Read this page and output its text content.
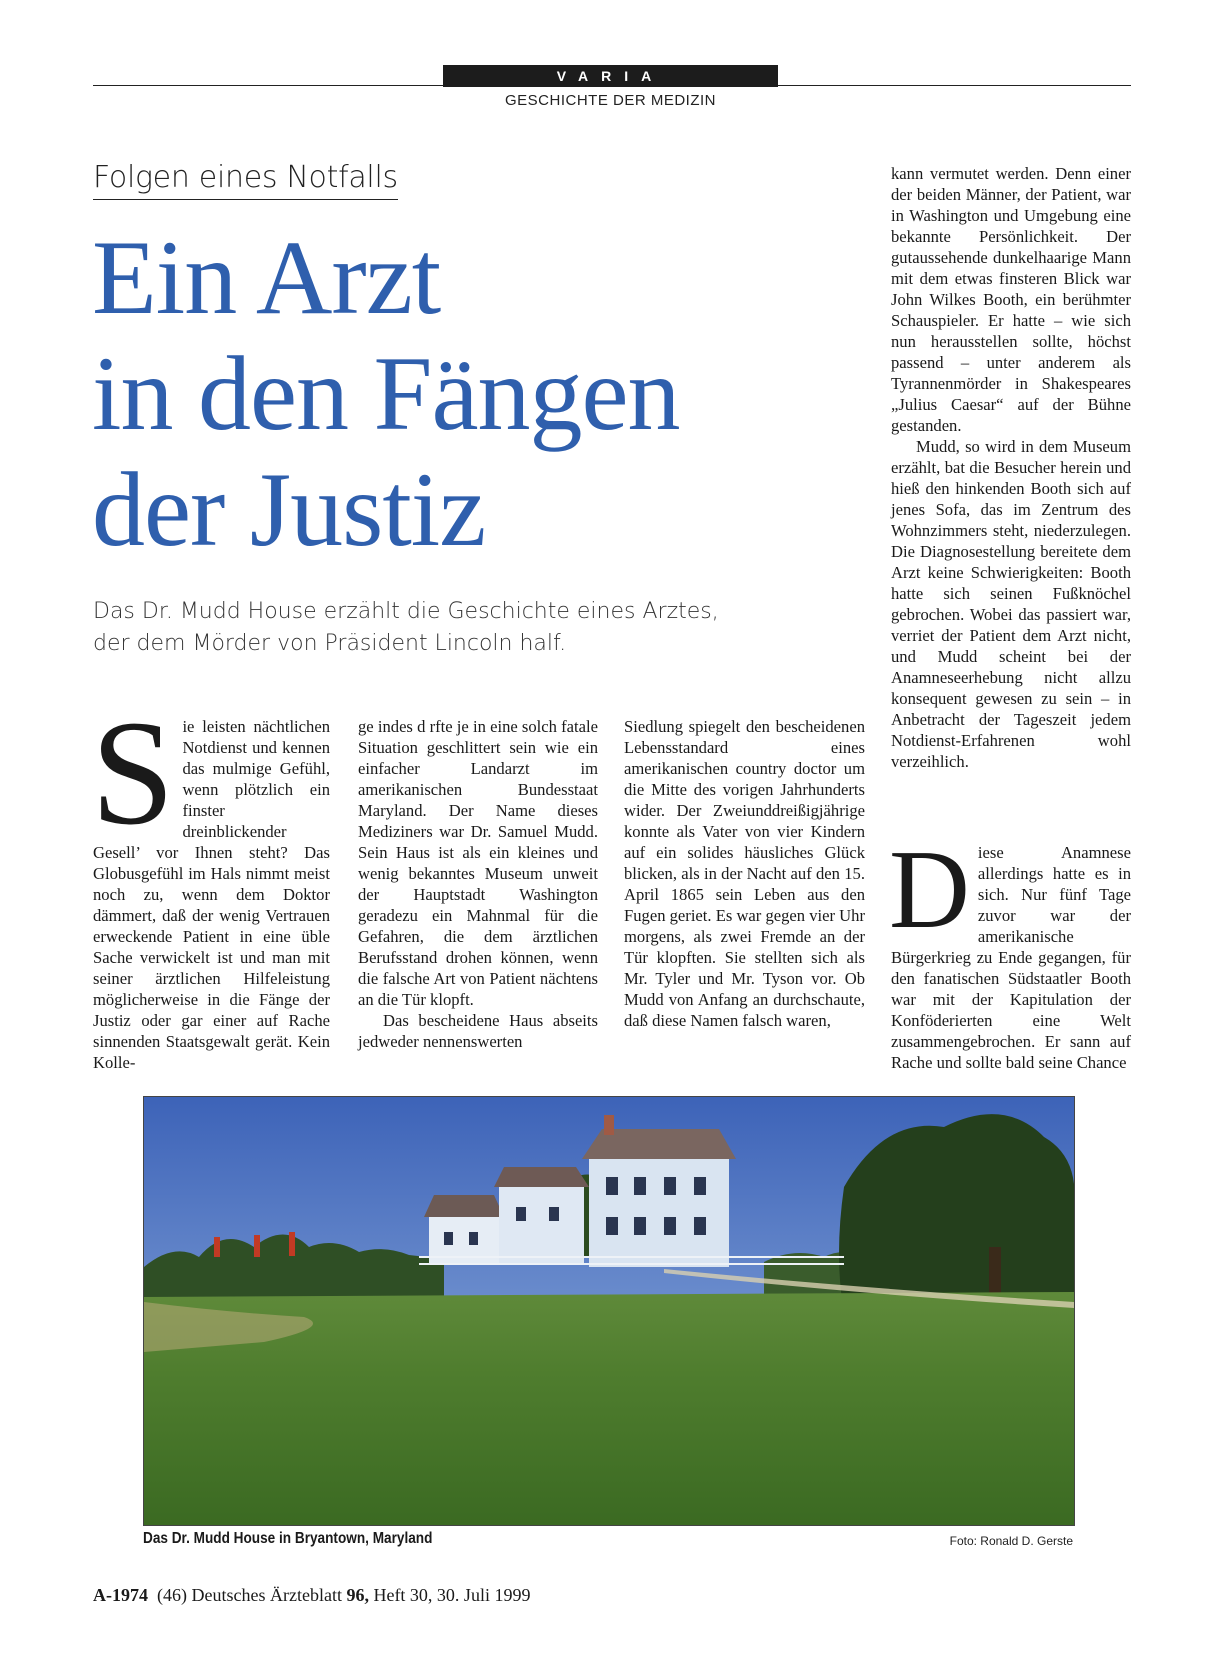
VARIA
GESCHICHTE DER MEDIZIN
Folgen eines Notfalls
Ein Arzt
in den Fängen
der Justiz
Das Dr. Mudd House erzählt die Geschichte eines Arztes,
der dem Mörder von Präsident Lincoln half.

Sie leisten nächtlichen Notdienst und kennen das mulmige Gefühl, wenn plötzlich ein finster dreinblickender Gesell’ vor Ihnen steht? Das Globusgefühl im Hals nimmt meist noch zu, wenn dem Doktor dämmert, daß der wenig Vertrauen erweckende Patient in eine üble Sache verwickelt ist und man mit seiner ärztlichen Hilfeleistung möglicherweise in die Fänge der Justiz oder gar einer auf Rache sinnenden Staatsgewalt gerät. Kein Kolle-

ge indes d rfte je in eine solch fatale Situation geschlittert sein wie ein einfacher Landarzt im amerikanischen Bundesstaat Maryland. Der Name dieses Mediziners war Dr. Samuel Mudd. Sein Haus ist als ein kleines und wenig bekanntes Museum unweit der Hauptstadt Washington geradezu ein Mahnmal für die Gefahren, die dem ärztlichen Berufsstand drohen können, wenn die falsche Art von Patient nächtens an die Tür klopft.

Das bescheidene Haus abseits jedweder nennenswerten

Siedlung spiegelt den bescheidenen Lebensstandard eines amerikanischen country doctor um die Mitte des vorigen Jahrhunderts wider. Der Zweiunddreißigjährige konnte als Vater von vier Kindern auf ein solides häusliches Glück blicken, als in der Nacht auf den 15. April 1865 sein Leben aus den Fugen geriet. Es war gegen vier Uhr morgens, als zwei Fremde an der Tür klopften. Sie stellten sich als Mr. Tyler und Mr. Tyson vor. Ob Mudd von Anfang an durchschaute, daß diese Namen falsch waren,

kann vermutet werden. Denn einer der beiden Männer, der Patient, war in Washington und Umgebung eine bekannte Persönlichkeit. Der gutaussehende dunkelhaarige Mann mit dem etwas finsteren Blick war John Wilkes Booth, ein berühmter Schauspieler. Er hatte – wie sich nun herausstellen sollte, höchst passend – unter anderem als Tyrannenmörder in Shakespeares „Julius Caesar“ auf der Bühne gestanden.

Mudd, so wird in dem Museum erzählt, bat die Besucher herein und hieß den hinkenden Booth sich auf jenes Sofa, das im Zentrum des Wohnzimmers steht, niederzulegen. Die Diagnosestellung bereitete dem Arzt keine Schwierigkeiten: Booth hatte sich seinen Fußknöchel gebrochen. Wobei das passiert war, verriet der Patient dem Arzt nicht, und Mudd scheint bei der Anamneseerhebung nicht allzu konsequent gewesen zu sein – in Anbetracht der Tageszeit jedem Notdienst-Erfahrenen wohl verzeihlich.

Diese Anamnese allerdings hatte es in sich. Nur fünf Tage zuvor war der amerikanische Bürgerkrieg zu Ende gegangen, für den fanatischen Südstaatler Booth war mit der Kapitulation der Konföderierten eine Welt zusammengebrochen. Er sann auf Rache und sollte bald seine Chance

Das Dr. Mudd House in Bryantown, Maryland	Foto: Ronald D. Gerste
A-1974 (46) Deutsches Ärzteblatt 96, Heft 30, 30. Juli 1999
